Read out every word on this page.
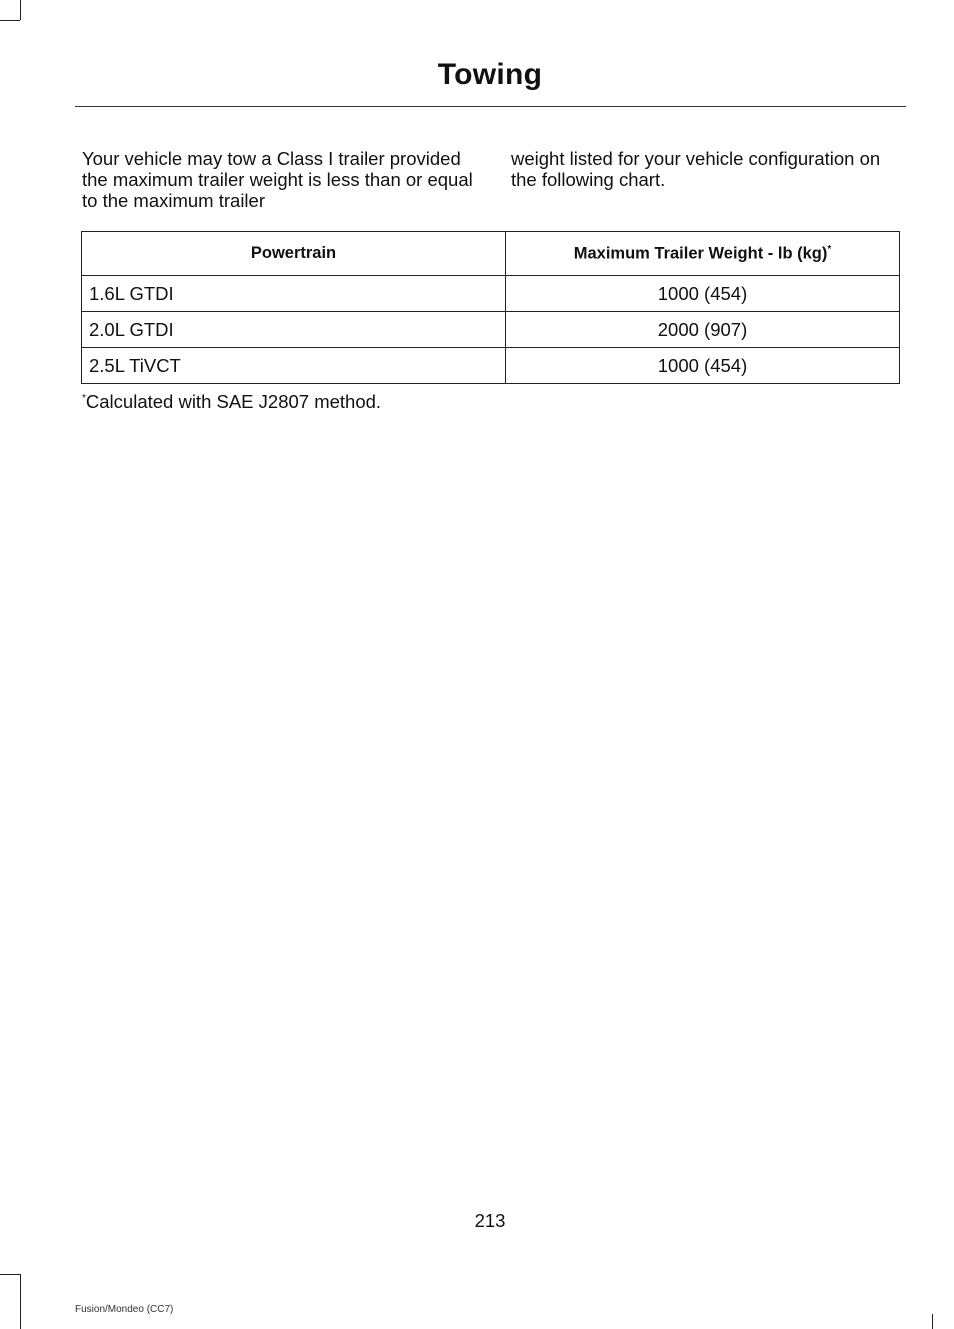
Towing

Your vehicle may tow a Class I trailer provided the maximum trailer weight is less than or equal to the maximum trailer

weight listed for your vehicle configuration on the following chart.

Powertrain	Maximum Trailer Weight - lb (kg)*
1.6L GTDI	1000 (454)
2.0L GTDI	2000 (907)
2.5L TiVCT	1000 (454)

*Calculated with SAE J2807 method.

213
Fusion/Mondeo (CC7)
